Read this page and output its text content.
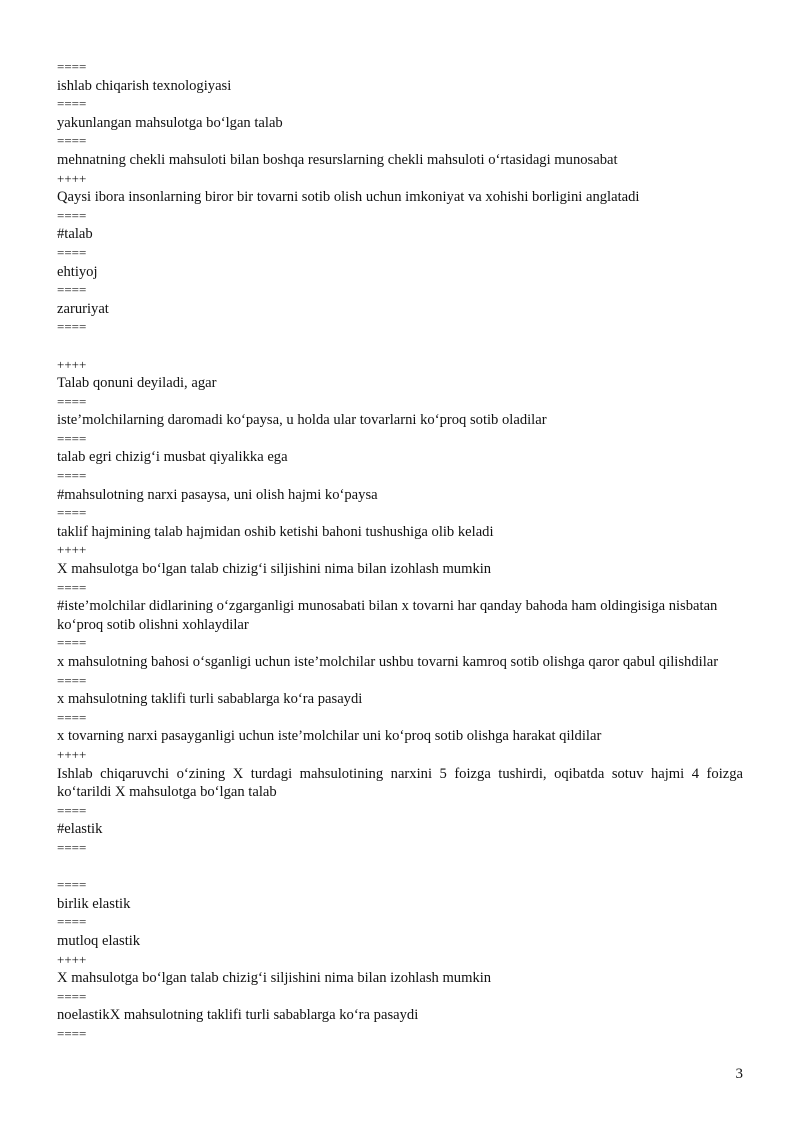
====
ishlab chiqarish texnologiyasi
====
yakunlangan mahsulotga bo‘lgan talab
====
mehnatning chekli mahsuloti bilan boshqa resurslarning chekli mahsuloti o‘rtasidagi munosabat
++++
Qaysi ibora insonlarning biror bir tovarni sotib olish uchun imkoniyat va xohishi borligini anglatadi
====
#talab
====
ehtiyoj
====
zaruriyat
====
++++
Talab qonuni deyiladi, agar
====
iste’molchilarning daromadi ko‘paysa, u holda ular tovarlarni ko‘proq sotib oladilar
====
talab egri chizig‘i musbat qiyalikka ega
====
#mahsulotning narxi pasaysa, uni olish hajmi ko‘paysa
====
taklif hajmining talab hajmidan oshib ketishi bahoni tushushiga olib keladi
++++
X mahsulotga bo‘lgan talab chizig‘i siljishini nima bilan izohlash mumkin
====
#iste’molchilar didlarining o‘zgarganligi munosabati bilan x tovarni har qanday bahoda ham oldingisiga nisbatan ko‘proq sotib olishni xohlaydilar
====
x mahsulotning bahosi o‘sganligi uchun iste’molchilar ushbu tovarni kamroq sotib olishga qaror qabul qilishdilar
====
x mahsulotning taklifi turli sabablarga ko‘ra pasaydi
====
x tovarning narxi pasayganligi uchun iste’molchilar uni ko‘proq sotib olishga harakat qildilar
++++
Ishlab chiqaruvchi o‘zining X turdagi mahsulotining narxini 5 foizga tushirdi, oqibatda sotuv hajmi 4 foizga ko‘tarildi X mahsulotga bo‘lgan talab
====
#elastik
====
====
birlik elastik
====
mutloq elastik
++++
X mahsulotga bo‘lgan talab chizig‘i siljishini nima bilan izohlash mumkin
====
noelastikX mahsulotning taklifi turli sabablarga ko‘ra pasaydi
====
3
